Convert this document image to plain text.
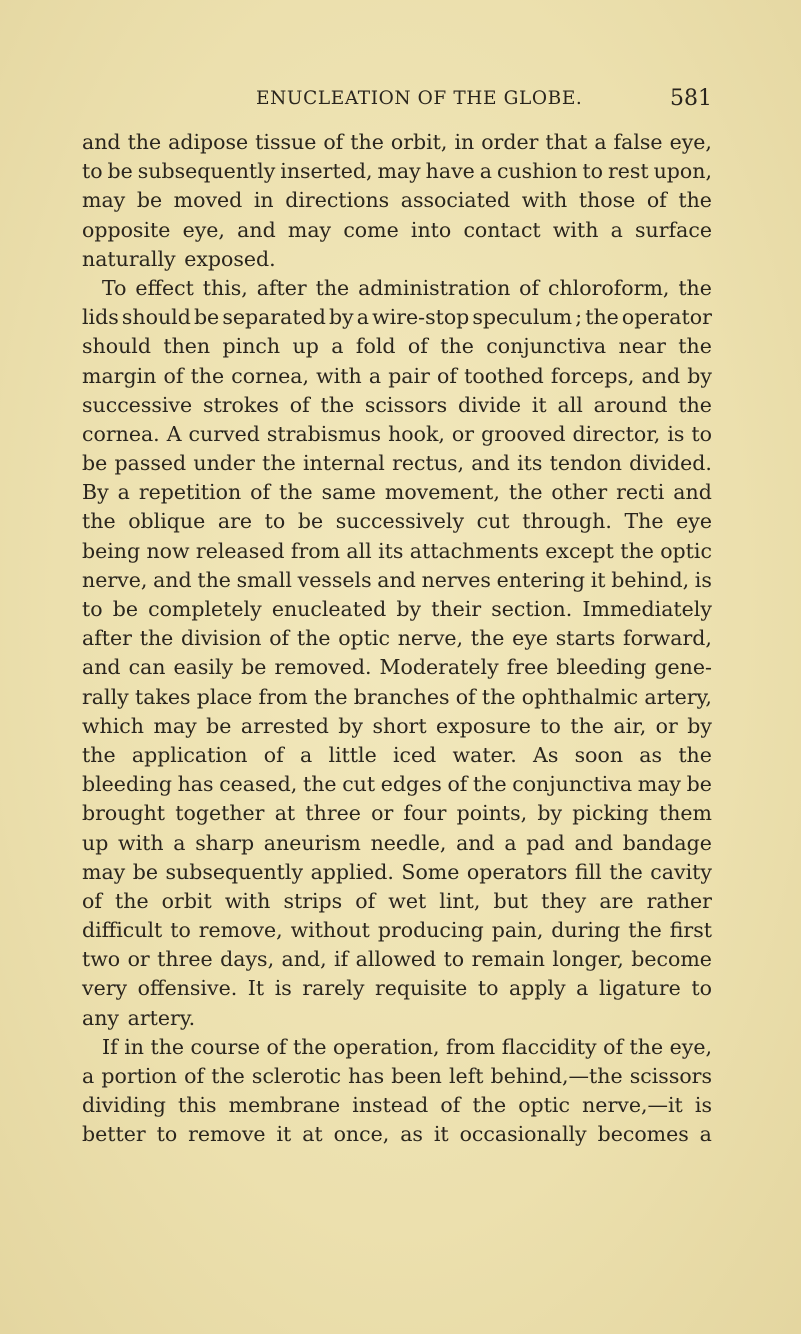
ENUCLEATION OF THE GLOBE.	581
and the adipose tissue of the orbit, in order that a false eye,
to be subsequently inserted, may have a cushion to rest upon,
may be moved in directions associated with those of the
opposite eye, and may come into contact with a surface
naturally exposed.
To effect this, after the administration of chloroform, the
lids should be separated by a wire-stop speculum ; the operator
should then pinch up a fold of the conjunctiva near the
margin of the cornea, with a pair of toothed forceps, and by
successive strokes of the scissors divide it all around the
cornea. A curved strabismus hook, or grooved director, is to
be passed under the internal rectus, and its tendon divided.
By a repetition of the same movement, the other recti and
the oblique are to be successively cut through. The eye
being now released from all its attachments except the optic
nerve, and the small vessels and nerves entering it behind, is
to be completely enucleated by their section. Immediately
after the division of the optic nerve, the eye starts forward,
and can easily be removed. Moderately free bleeding gene-
rally takes place from the branches of the ophthalmic artery,
which may be arrested by short exposure to the air, or by
the application of a little iced water. As soon as the
bleeding has ceased, the cut edges of the conjunctiva may be
brought together at three or four points, by picking them
up with a sharp aneurism needle, and a pad and bandage
may be subsequently applied. Some operators fill the cavity
of the orbit with strips of wet lint, but they are rather
difficult to remove, without producing pain, during the first
two or three days, and, if allowed to remain longer, become
very offensive. It is rarely requisite to apply a ligature to
any artery.
If in the course of the operation, from flaccidity of the eye,
a portion of the sclerotic has been left behind,—the scissors
dividing this membrane instead of the optic nerve,—it is
better to remove it at once, as it occasionally becomes a
